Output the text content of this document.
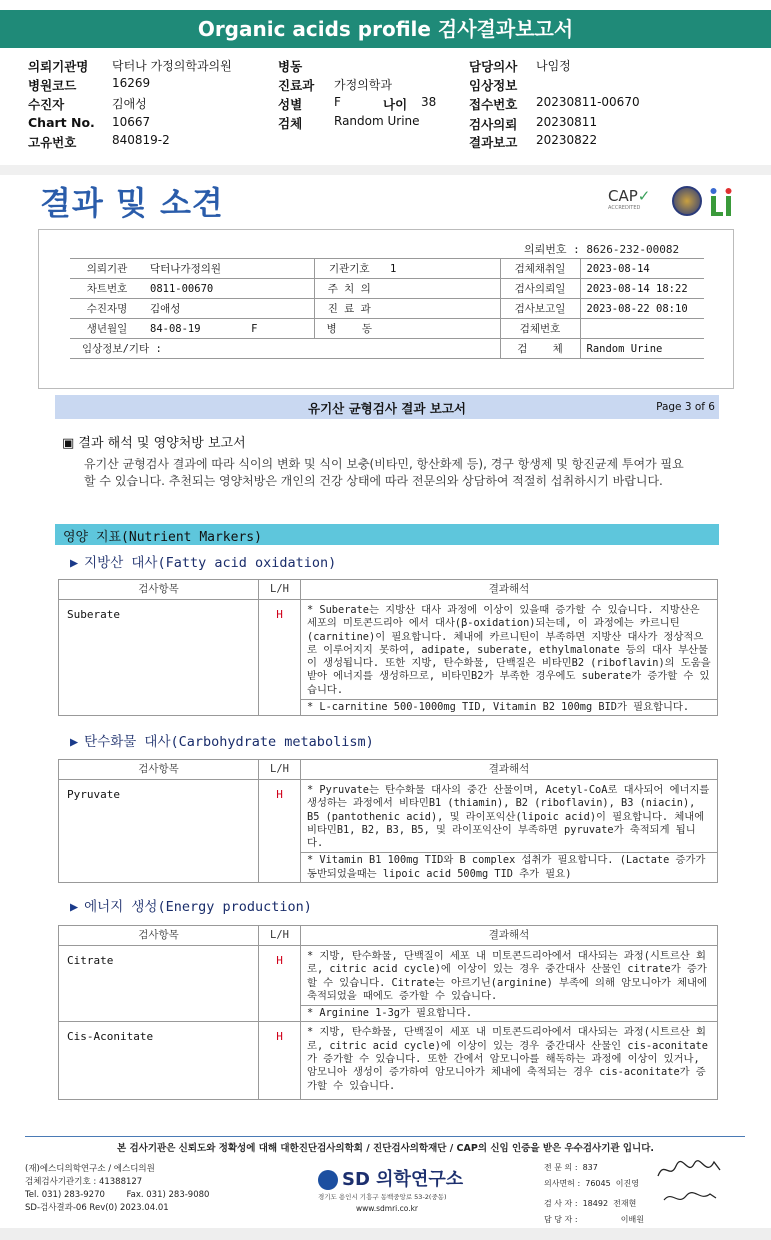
Organic acids profile 검사결과보고서
의뢰기관명 닥터나 가정의학과의원
병원코드	16269
수진자	김애성
Chart No. 10667
고유번호	840819-2
병동
진료과 가정의학과
성별	F	나이 38
검체	Random Urine
담당의사 나임정
임상정보
접수번호 20230811-00670
검사의뢰 20230811
결과보고 20230822
결과 및 소견	CAP✓
ACCREDITED
의뢰번호 : 8626-232-00082
의뢰기관	닥터나가정의원	기관기호	1	검체채취일	2023-08-14
차트번호	0811-00670	주 치 의		검사의뢰일	2023-08-14 18:22
수진자명	김애성	진 료 과		검사보고일	2023-08-22 08:10
생년월일	84-08-19        F	병    동		검체번호	
임상정보/기타 :				검    체	Random Urine
유기산 균형검사 결과 보고서	Page 3 of 6
▣ 결과 해석 및 영양처방 보고서
유기산 균형검사 결과에 따라 식이의 변화 및 식이 보충(비타민, 항산화제 등), 경구 항생제 및 항진균제 투여가 필요할 수 있습니다. 추천되는 영양처방은 개인의 건강 상태에 따라 전문의와 상담하여 적절히 섭취하시기 바랍니다.
영양 지표(Nutrient Markers)
▶ 지방산 대사(Fatty acid oxidation)
검사항목	L/H	결과해석
Suberate	H	* Suberate는 지방산 대사 과정에 이상이 있을때 증가할 수 있습니다. 지방산은 세포의 미토콘드리아 에서 대사(β-oxidation)되는데, 이 과정에는 카르니틴(carnitine)이 필요합니다. 체내에 카르니틴이 부족하면 지방산 대사가 정상적으로 이루어지지 못하여, adipate, suberate, ethylmalonate 등의 대사 부산물이 생성됩니다. 또한 지방, 탄수화물, 단백질은 비타민B2 (riboflavin)의 도움을 받아 에너지를 생성하므로, 비타민B2가 부족한 경우에도 suberate가 증가할 수 있습니다.
* L-carnitine 500-1000mg TID, Vitamin B2 100mg BID가 필요합니다.
▶ 탄수화물 대사(Carbohydrate metabolism)
검사항목	L/H	결과해석
Pyruvate	H	* Pyruvate는 탄수화물 대사의 중간 산물이며, Acetyl-CoA로 대사되어 에너지를 생성하는 과정에서 비타민B1 (thiamin), B2 (riboflavin), B3 (niacin), B5 (pantothenic acid), 및 라이포익산(lipoic acid)이 필요합니다. 체내에 비타민B1, B2, B3, B5, 및 라이포익산이 부족하면 pyruvate가 축적되게 됩니다.
* Vitamin B1 100mg TID와 B complex 섭취가 필요합니다. (Lactate 증가가 동반되었을때는 lipoic acid 500mg TID 추가 필요)
▶ 에너지 생성(Energy production)
검사항목	L/H	결과해석
Citrate	H	* 지방, 탄수화물, 단백질이 세포 내 미토콘드리아에서 대사되는 과정(시트르산 회로, citric acid cycle)에 이상이 있는 경우 중간대사 산물인 citrate가 증가할 수 있습니다. Citrate는 아르기닌(arginine) 부족에 의해 암모니아가 체내에 축적되었을 때에도 증가할 수 있습니다.
* Arginine 1-3g가 필요합니다.
Cis-Aconitate	H	* 지방, 탄수화물, 단백질이 세포 내 미토콘드리아에서 대사되는 과정(시트르산 회로, citric acid cycle)에 이상이 있는 경우 중간대사 산물인 cis-aconitate가 증가할 수 있습니다. 또한 간에서 암모니아를 해독하는 과정에 이상이 있거나, 암모니아 생성이 증가하여 암모니아가 체내에 축적되는 경우 cis-aconitate가 증가할 수 있습니다.
본 검사기관은 신뢰도와 정확성에 대해 대한진단검사의학회 / 진단검사의학재단 / CAP의 신임 인증을 받은 우수검사기관 입니다.
(재)에스디의학연구소 / 에스디의원
검체검사기관기호 : 41388127
Tel. 031) 283-9270        Fax. 031) 283-9080
SD-검사결과-06 Rev(0) 2023.04.01
SD 의학연구소
경기도 용인시 기흥구 동백중앙로 53-2(중동)
www.sdmri.co.kr
전 문 의 :  837
의사면허 :  76045  이진영
검 사 자 :  18492  전재현
담 당 자 :                 이배원
